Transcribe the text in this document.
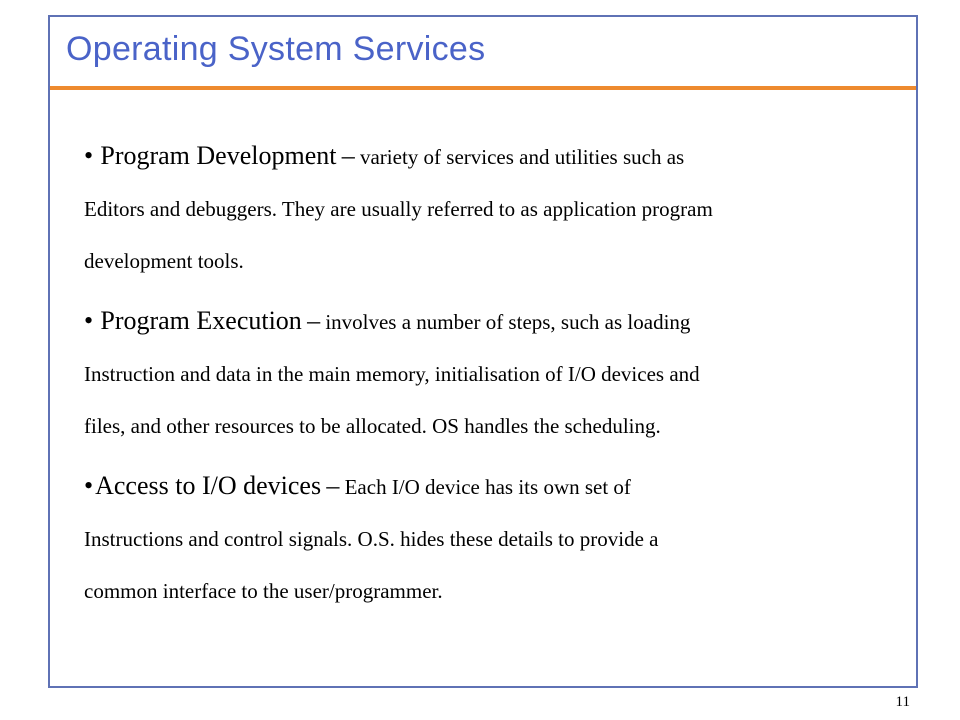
Operating System Services
• Program Development – variety of services and utilities such as
Editors and debuggers. They are usually referred to as application program
development tools.
• Program Execution – involves a number of steps, such as loading
Instruction and data in the main memory, initialisation of I/O devices and
files, and other resources to be allocated. OS handles the scheduling.
•Access to I/O devices – Each I/O device has its own set of
Instructions and control signals. O.S. hides these details to provide a
common interface to the user/programmer.
11
